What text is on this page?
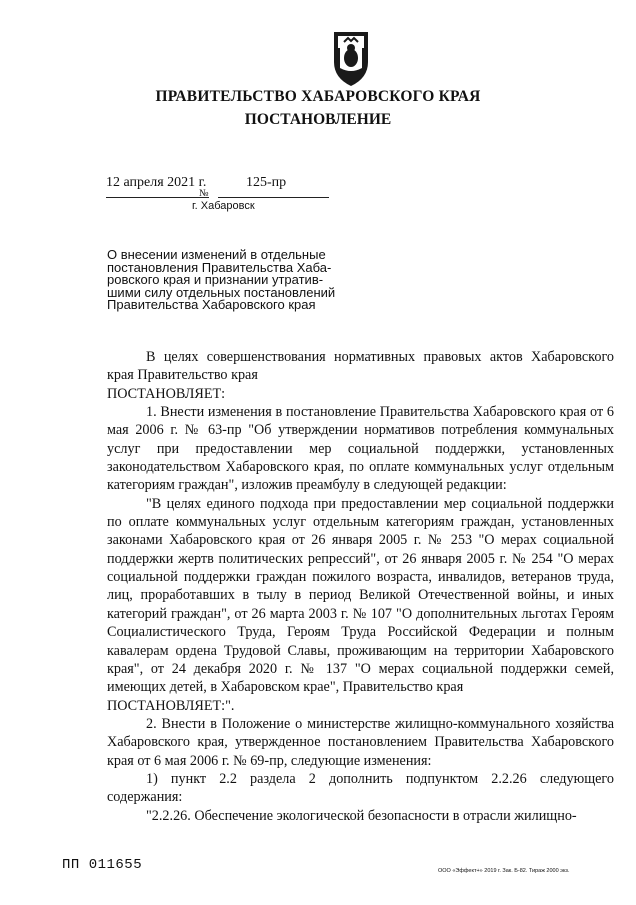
ПРАВИТЕЛЬСТВО ХАБАРОВСКОГО КРАЯ
ПОСТАНОВЛЕНИЕ
12 апреля 2021 г.	125-пр
№
г. Хабаровск
О внесении изменений в отдельные
постановления Правительства Хаба-
ровского края и признании утратив-
шими силу отдельных постановлений
Правительства Хабаровского края

В целях совершенствования нормативных правовых актов Хабаровского края Правительство края

ПОСТАНОВЛЯЕТ:

1. Внести изменения в постановление Правительства Хабаровского края от 6 мая 2006 г. № 63-пр "Об утверждении нормативов потребления коммунальных услуг при предоставлении мер социальной поддержки, установленных законодательством Хабаровского края, по оплате коммунальных услуг отдельным категориям граждан", изложив преамбулу в следующей редакции:

"В целях единого подхода при предоставлении мер социальной поддержки по оплате коммунальных услуг отдельным категориям граждан, установленных законами Хабаровского края от 26 января 2005 г. № 253 "О мерах социальной поддержки жертв политических репрессий", от 26 января 2005 г. № 254 "О мерах социальной поддержки граждан пожилого возраста, инвалидов, ветеранов труда, лиц, проработавших в тылу в период Великой Отечественной войны, и иных категорий граждан", от 26 марта 2003 г. № 107 "О дополнительных льготах Героям Социалистического Труда, Героям Труда Российской Федерации и полным кавалерам ордена Трудовой Славы, проживающим на территории Хабаровского края", от 24 декабря 2020 г. № 137 "О мерах социальной поддержки семей, имеющих детей, в Хабаровском крае", Правительство края

ПОСТАНОВЛЯЕТ:".

2. Внести в Положение о министерстве жилищно-коммунального хозяйства Хабаровского края, утвержденное постановлением Правительства Хабаровского края от 6 мая 2006 г. № 69-пр, следующие изменения:

1) пункт 2.2 раздела 2 дополнить подпунктом 2.2.26 следующего содержания:

"2.2.26. Обеспечение экологической безопасности в отрасли жилищно-

ПП 011655	ООО «Эффект+» 2019 г. Зак. Б-82. Тираж 2000 экз.
